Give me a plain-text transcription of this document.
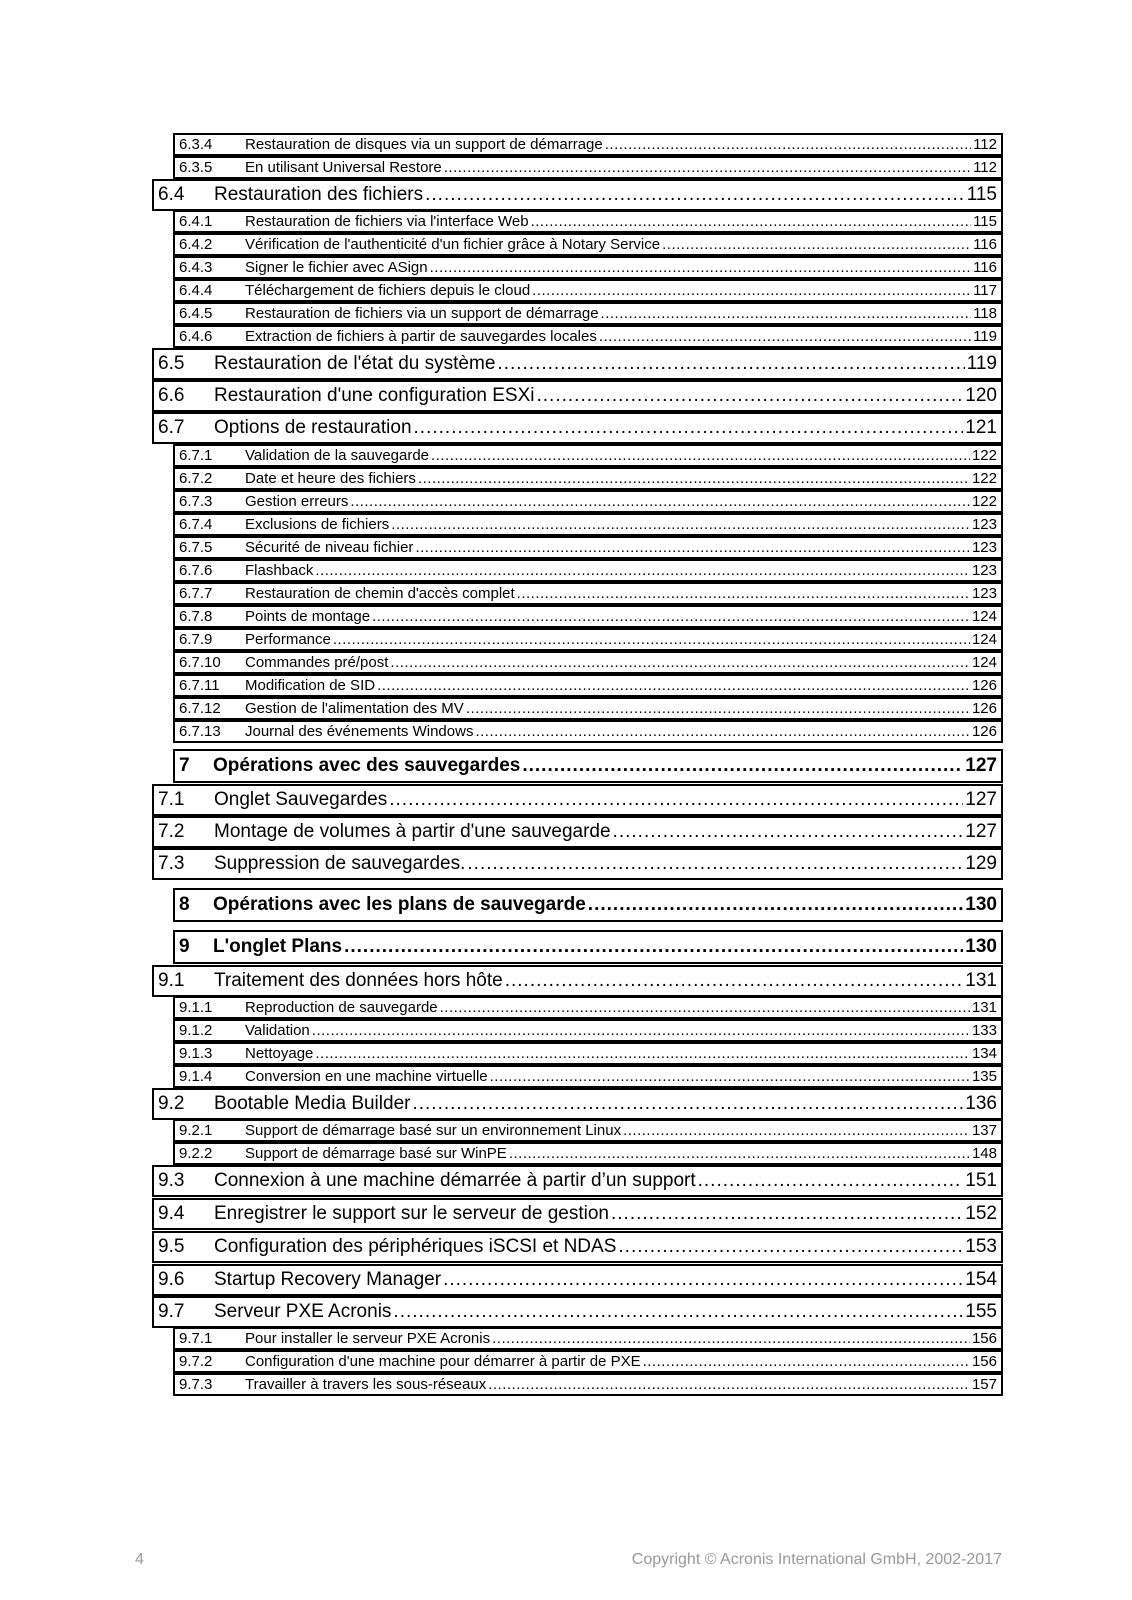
6.3.4	Restauration de disques via un support de démarrage .....	112
6.3.5	En utilisant Universal Restore .....	112
6.4	Restauration des fichiers .....	115
6.4.1	Restauration de fichiers via l'interface Web .....	115
6.4.2	Vérification de l'authenticité d'un fichier grâce à Notary Service .....	116
6.4.3	Signer le fichier avec ASign .....	116
6.4.4	Téléchargement de fichiers depuis le cloud .....	117
6.4.5	Restauration de fichiers via un support de démarrage .....	118
6.4.6	Extraction de fichiers à partir de sauvegardes locales .....	119
6.5	Restauration de l'état du système .....	119
6.6	Restauration d'une configuration ESXi .....	120
6.7	Options de restauration .....	121
6.7.1	Validation de la sauvegarde .....	122
6.7.2	Date et heure des fichiers .....	122
6.7.3	Gestion erreurs .....	122
6.7.4	Exclusions de fichiers .....	123
6.7.5	Sécurité de niveau fichier .....	123
6.7.6	Flashback .....	123
6.7.7	Restauration de chemin d'accès complet .....	123
6.7.8	Points de montage .....	124
6.7.9	Performance .....	124
6.7.10	Commandes pré/post .....	124
6.7.11	Modification de SID .....	126
6.7.12	Gestion de l'alimentation des MV .....	126
6.7.13	Journal des événements Windows .....	126
7	Opérations avec des sauvegardes .....	127
7.1	Onglet Sauvegardes .....	127
7.2	Montage de volumes à partir d'une sauvegarde .....	127
7.3	Suppression de sauvegardes. .....	129
8	Opérations avec les plans de sauvegarde .....	130
9	L'onglet Plans .....	130
9.1	Traitement des données hors hôte .....	131
9.1.1	Reproduction de sauvegarde .....	131
9.1.2	Validation .....	133
9.1.3	Nettoyage .....	134
9.1.4	Conversion en une machine virtuelle .....	135
9.2	Bootable Media Builder .....	136
9.2.1	Support de démarrage basé sur un environnement Linux .....	137
9.2.2	Support de démarrage basé sur WinPE .....	148
9.3	Connexion à une machine démarrée à partir d’un support .....	151
9.4	Enregistrer le support sur le serveur de gestion .....	152
9.5	Configuration des périphériques iSCSI et NDAS .....	153
9.6	Startup Recovery Manager .....	154
9.7	Serveur PXE Acronis .....	155
9.7.1	Pour installer le serveur PXE Acronis .....	156
9.7.2	Configuration d'une machine pour démarrer à partir de PXE .....	156
9.7.3	Travailler à travers les sous-réseaux .....	157
4	Copyright © Acronis International GmbH, 2002-2017
